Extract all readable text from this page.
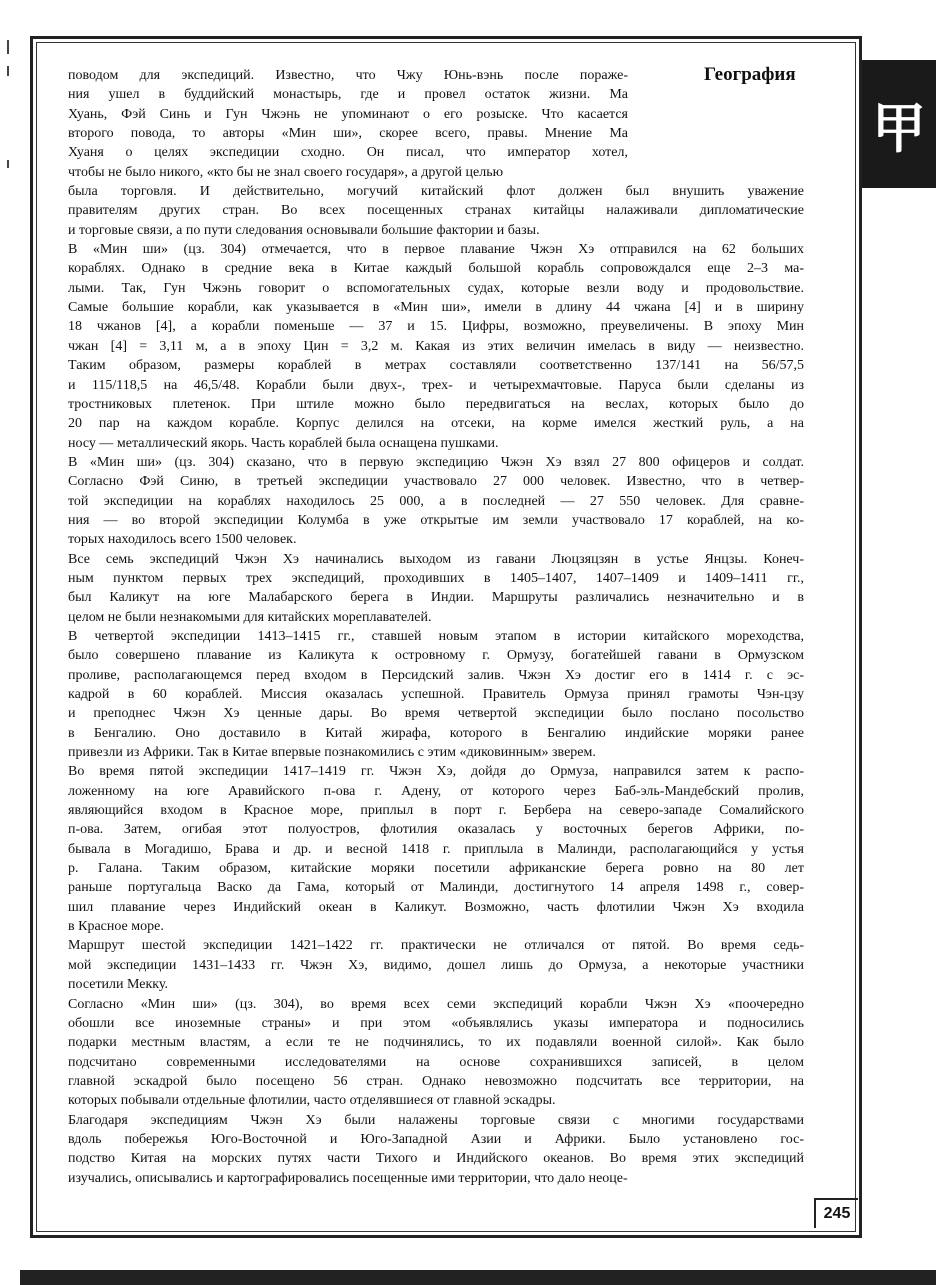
甲
География
поводом для экспедиций. Известно, что Чжу Юнь-вэнь после пораже-
ния ушел в буддийский монастырь, где и провел остаток жизни. Ма
Хуань, Фэй Синь и Гун Чжэнь не упоминают о его розыске. Что касается
второго повода, то авторы «Мин ши», скорее всего, правы. Мнение Ма
Хуаня о целях экспедиции сходно. Он писал, что император хотел,
чтобы не было никого, «кто бы не знал своего государя», а другой целью
была торговля. И действительно, могучий китайский флот должен был внушить уважение
правителям других стран. Во всех посещенных странах китайцы налаживали дипломатические
и торговые связи, а по пути следования основывали большие фактории и базы.
В «Мин ши» (цз. 304) отмечается, что в первое плавание Чжэн Хэ отправился на 62 больших
кораблях. Однако в средние века в Китае каждый большой корабль сопровождался еще 2–3 ма-
лыми. Так, Гун Чжэнь говорит о вспомогательных судах, которые везли воду и продовольствие.
Самые большие корабли, как указывается в «Мин ши», имели в длину 44 чжана [4] и в ширину
18 чжанов [4], а корабли поменьше — 37 и 15. Цифры, возможно, преувеличены. В эпоху Мин
чжан [4] = 3,11 м, а в эпоху Цин = 3,2 м. Какая из этих величин имелась в виду — неизвестно.
Таким образом, размеры кораблей в метрах составляли соответственно 137/141 на 56/57,5
и 115/118,5 на 46,5/48. Корабли были двух-, трех- и четырехмачтовые. Паруса были сделаны из
тростниковых плетенок. При штиле можно было передвигаться на веслах, которых было до
20 пар на каждом корабле. Корпус делился на отсеки, на корме имелся жесткий руль, а на
носу — металлический якорь. Часть кораблей была оснащена пушками.
В «Мин ши» (цз. 304) сказано, что в первую экспедицию Чжэн Хэ взял 27 800 офицеров и солдат.
Согласно Фэй Синю, в третьей экспедиции участвовало 27 000 человек. Известно, что в четвер-
той экспедиции на кораблях находилось 25 000, а в последней — 27 550 человек. Для сравне-
ния — во второй экспедиции Колумба в уже открытые им земли участвовало 17 кораблей, на ко-
торых находилось всего 1500 человек.
Все семь экспедиций Чжэн Хэ начинались выходом из гавани Люцзяцзян в устье Янцзы. Конеч-
ным пунктом первых трех экспедиций, проходивших в 1405–1407, 1407–1409 и 1409–1411 гг.,
был Каликут на юге Малабарского берега в Индии. Маршруты различались незначительно и в
целом не были незнакомыми для китайских мореплавателей.
В четвертой экспедиции 1413–1415 гг., ставшей новым этапом в истории китайского мореходства,
было совершено плавание из Каликута к островному г. Ормузу, богатейшей гавани в Ормузском
проливе, располагающемся перед входом в Персидский залив. Чжэн Хэ достиг его в 1414 г. с эс-
кадрой в 60 кораблей. Миссия оказалась успешной. Правитель Ормуза принял грамоты Чэн-цзу
и преподнес Чжэн Хэ ценные дары. Во время четвертой экспедиции было послано посольство
в Бенгалию. Оно доставило в Китай жирафа, которого в Бенгалию индийские моряки ранее
привезли из Африки. Так в Китае впервые познакомились с этим «диковинным» зверем.
Во время пятой экспедиции 1417–1419 гг. Чжэн Хэ, дойдя до Ормуза, направился затем к распо-
ложенному на юге Аравийского п-ова г. Адену, от которого через Баб-эль-Мандебский пролив,
являющийся входом в Красное море, приплыл в порт г. Бербера на северо-западе Сомалийского
п-ова. Затем, огибая этот полуостров, флотилия оказалась у восточных берегов Африки, по-
бывала в Могадишо, Брава и др. и весной 1418 г. приплыла в Малинди, располагающийся у устья
р. Галана. Таким образом, китайские моряки посетили африканские берега ровно на 80 лет
раньше португальца Васко да Гама, который от Малинди, достигнутого 14 апреля 1498 г., совер-
шил плавание через Индийский океан в Каликут. Возможно, часть флотилии Чжэн Хэ входила
в Красное море.
Маршрут шестой экспедиции 1421–1422 гг. практически не отличался от пятой. Во время седь-
мой экспедиции 1431–1433 гг. Чжэн Хэ, видимо, дошел лишь до Ормуза, а некоторые участники
посетили Мекку.
Согласно «Мин ши» (цз. 304), во время всех семи экспедиций корабли Чжэн Хэ «поочередно
обошли все иноземные страны» и при этом «объявлялись указы императора и подносились
подарки местным властям, а если те не подчинялись, то их подавляли военной силой». Как было
подсчитано современными исследователями на основе сохранившихся записей, в целом
главной эскадрой было посещено 56 стран. Однако невозможно подсчитать все территории, на
которых побывали отдельные флотилии, часто отделявшиеся от главной эскадры.
Благодаря экспедициям Чжэн Хэ были налажены торговые связи с многими государствами
вдоль побережья Юго-Восточной и Юго-Западной Азии и Африки. Было установлено гос-
подство Китая на морских путях части Тихого и Индийского океанов. Во время этих экспедиций
изучались, описывались и картографировались посещенные ими территории, что дало неоце-
245
